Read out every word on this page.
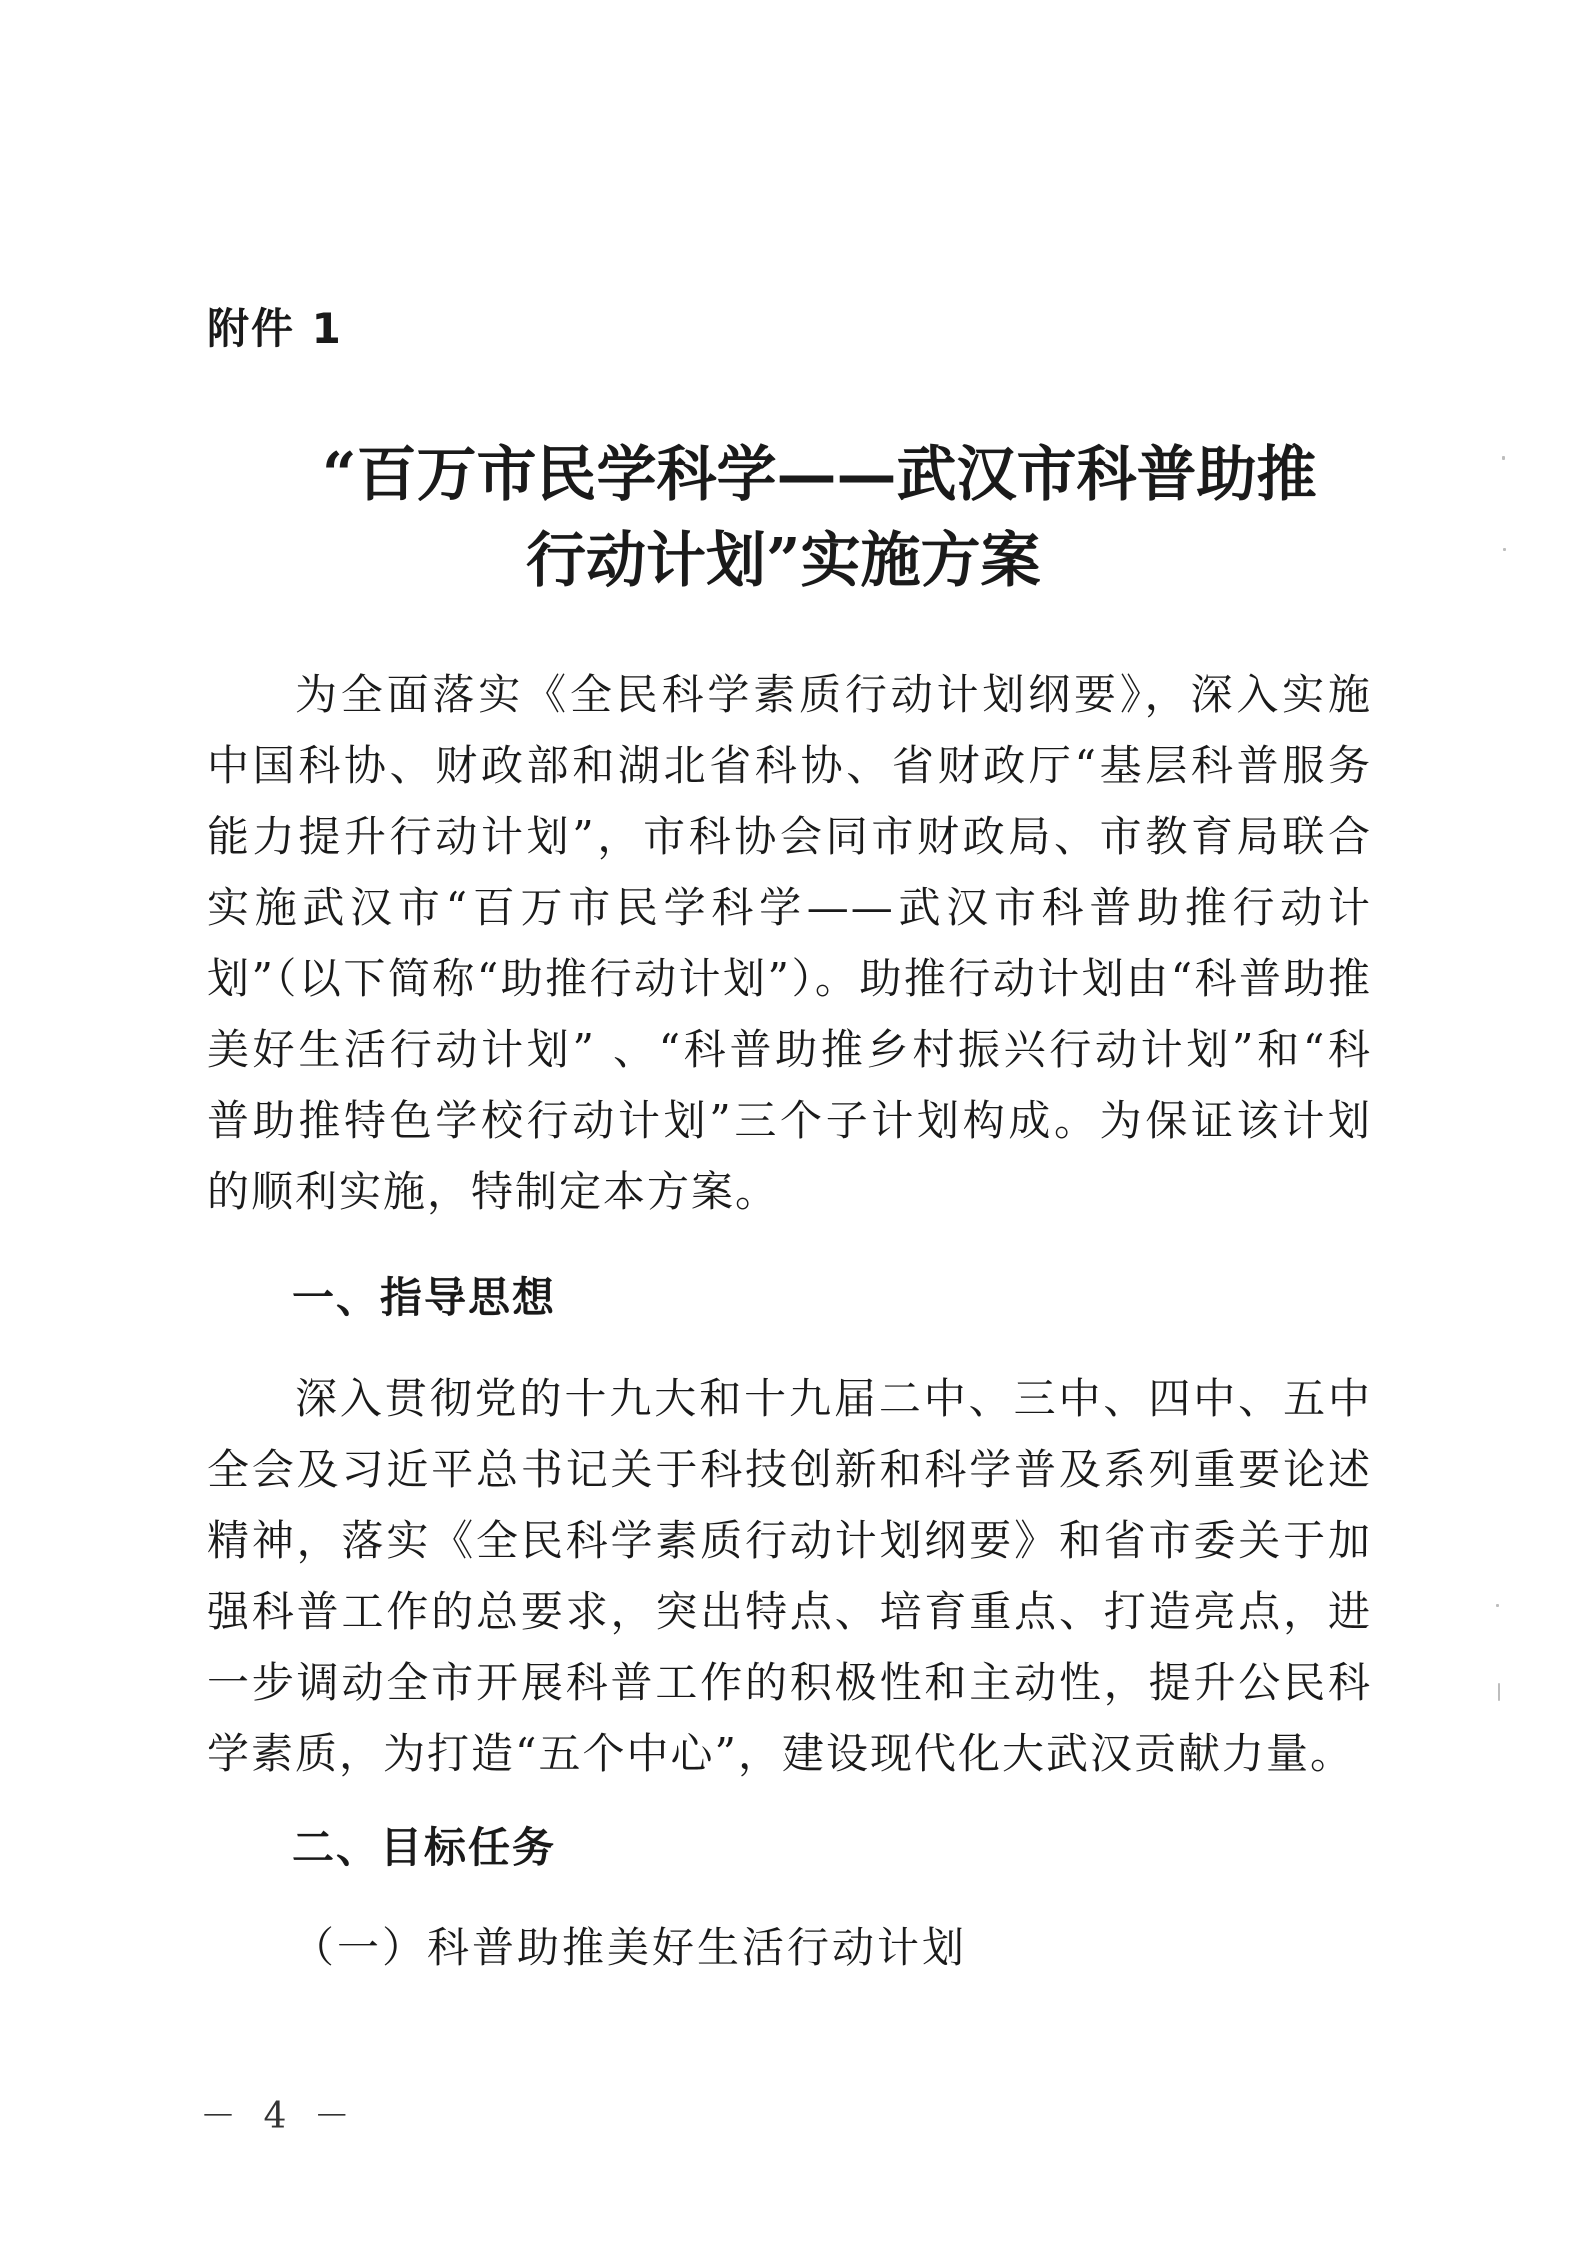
附件 1
“百万市民学科学——武汉市科普助推
行动计划”实施方案

为全面落实《全民科学素质行动计划纲要》，深入实施中国科协、财政部和湖北省科协、省财政厅“基层科普服务能力提升行动计划”，市科协会同市财政局、市教育局联合实施武汉市“百万市民学科学——武汉市科普助推行动计划”（以下简称“助推行动计划”）。助推行动计划由“科普助推美好生活行动计划” 、“科普助推乡村振兴行动计划”和“科普助推特色学校行动计划”三个子计划构成。为保证该计划的顺利实施，特制定本方案。

一、指导思想

深入贯彻党的十九大和十九届二中、三中、四中、五中全会及习近平总书记关于科技创新和科学普及系列重要论述精神，落实《全民科学素质行动计划纲要》和省市委关于加强科普工作的总要求，突出特点、培育重点、打造亮点，进一步调动全市开展科普工作的积极性和主动性，提升公民科学素质，为打造“五个中心”，建设现代化大武汉贡献力量。

二、目标任务
（一）科普助推美好生活行动计划
－ 4 －
